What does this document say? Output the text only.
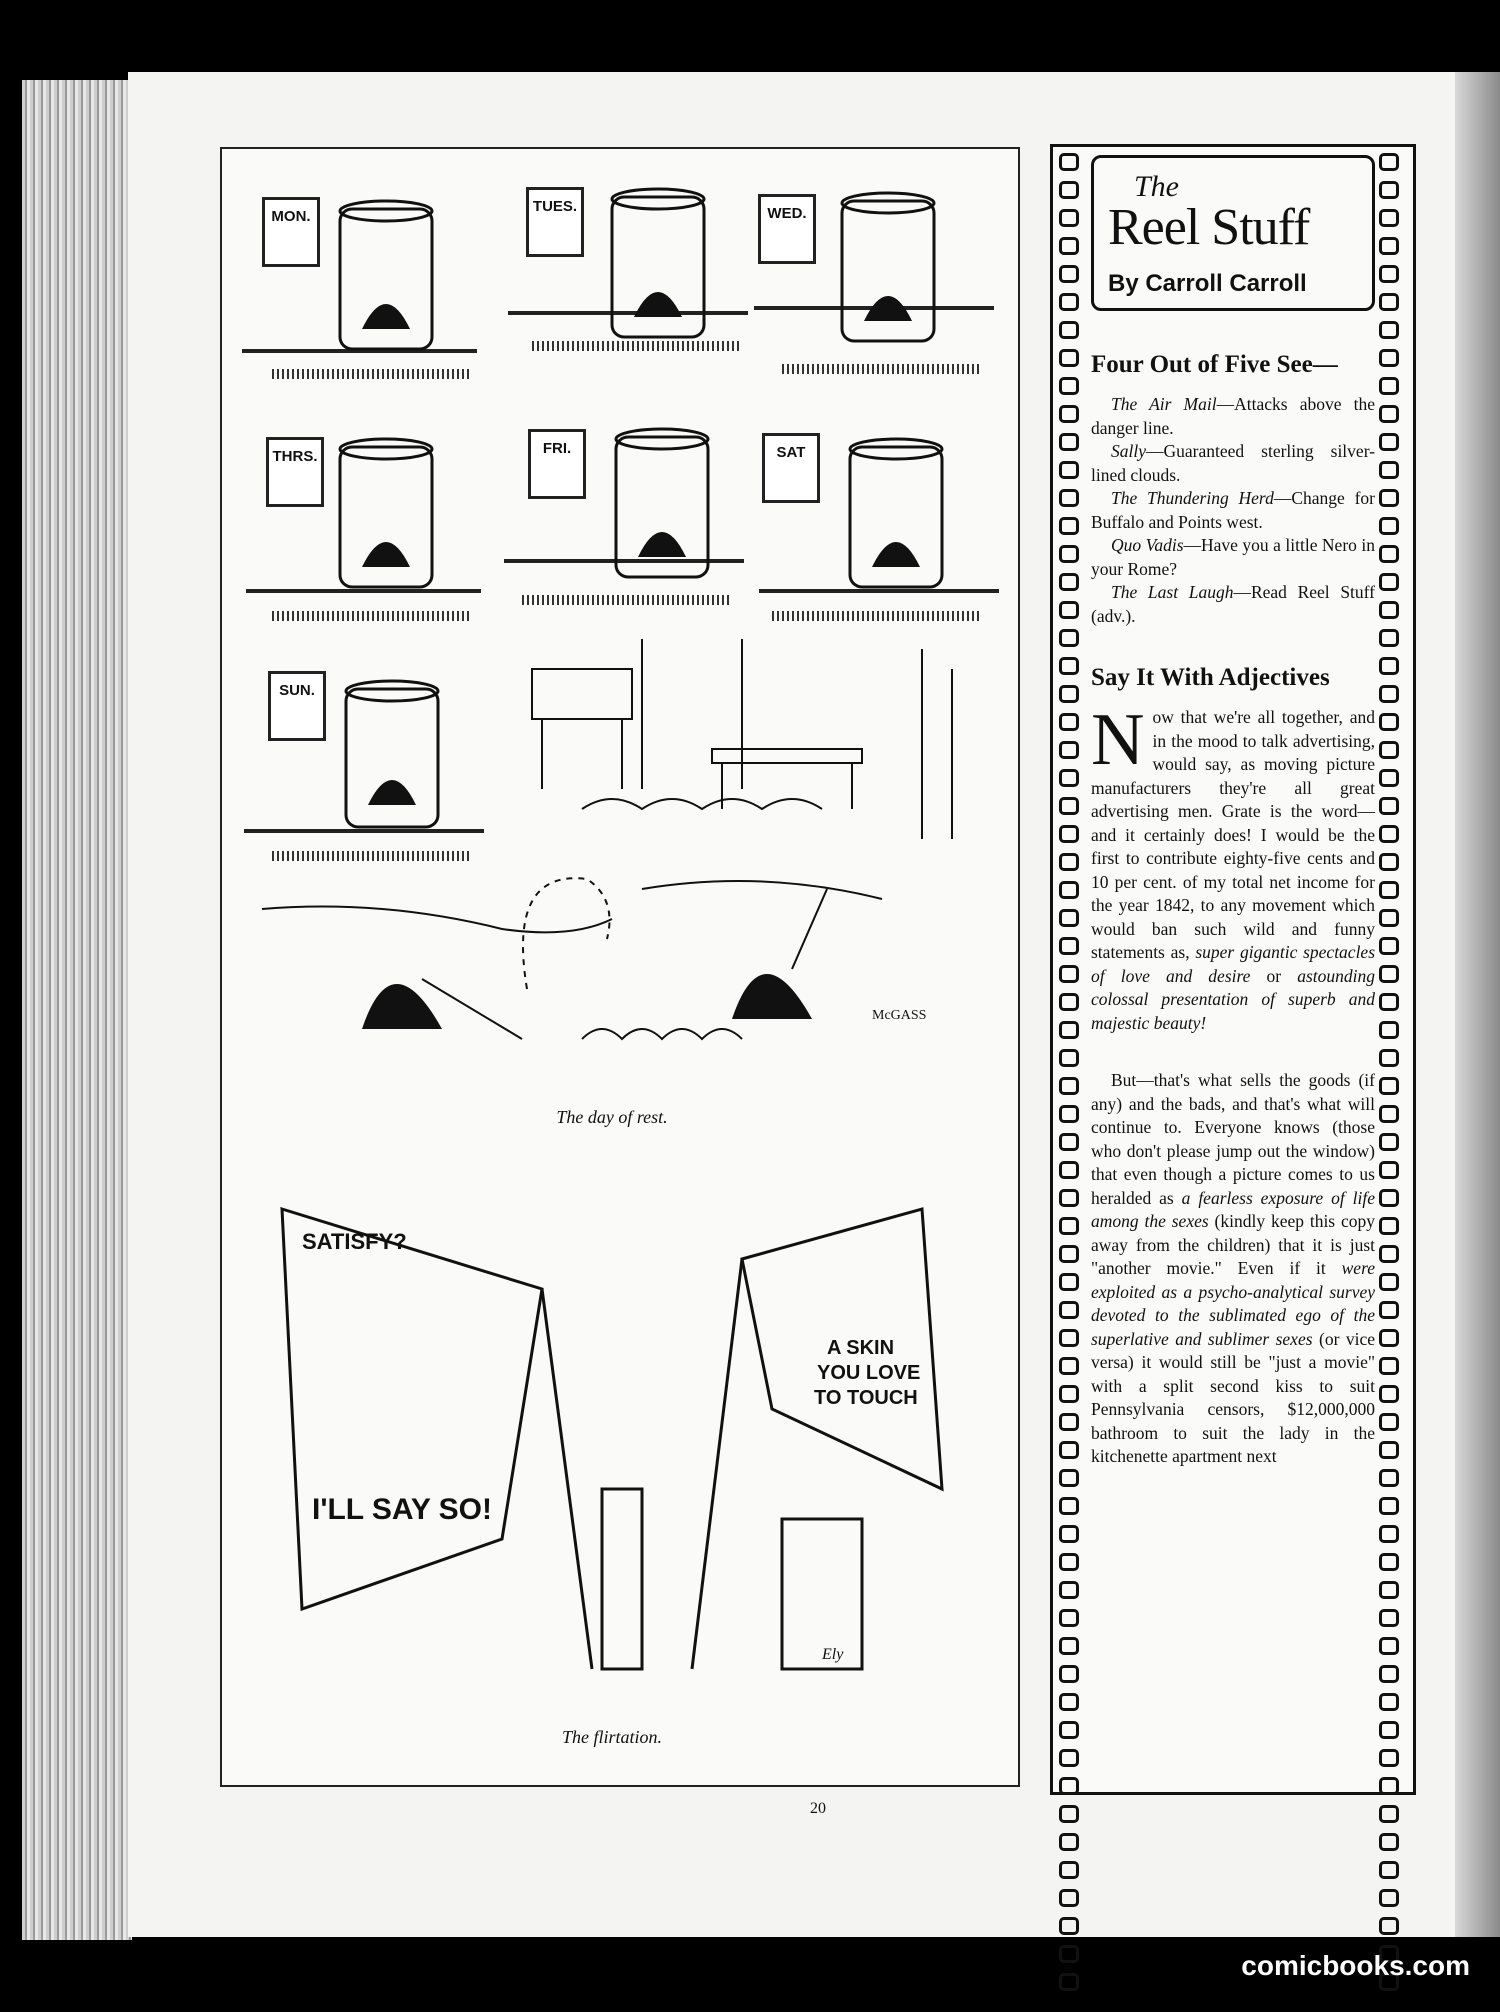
MON.
TUES.	WED.
THRS.	FRI.	SAT
SUN.
McGASS
The day of rest.
SATISFY?
I'LL SAY SO!
A SKIN
YOU LOVE
TO TOUCH
Ely
The flirtation.
The
Reel Stuff
By Carroll Carroll
Four Out of Five See—

The Air Mail—Attacks above the danger line.

Sally—Guaranteed sterling silver-lined clouds.

The Thundering Herd—Change for Buffalo and Points west.

Quo Vadis—Have you a little Nero in your Rome?

The Last Laugh—Read Reel Stuff (adv.).

Say It With Adjectives

Now that we're all together, and in the mood to talk advertising, would say, as moving picture manufacturers they're all great advertising men. Grate is the word—and it certainly does! I would be the first to contribute eighty-five cents and 10 per cent. of my total net income for the year 1842, to any movement which would ban such wild and funny statements as, super gigantic spectacles of love and desire or astounding colossal presentation of superb and majestic beauty!

But—that's what sells the goods (if any) and the bads, and that's what will continue to. Everyone knows (those who don't please jump out the window) that even though a picture comes to us heralded as a fearless exposure of life among the sexes (kindly keep this copy away from the children) that it is just "another movie." Even if it were exploited as a psycho-analytical survey devoted to the sublimated ego of the superlative and sublimer sexes (or vice versa) it would still be "just a movie" with a split second kiss to suit Pennsylvania censors, $12,000,000 bathroom to suit the lady in the kitchenette apartment next

20
comicbooks.com
